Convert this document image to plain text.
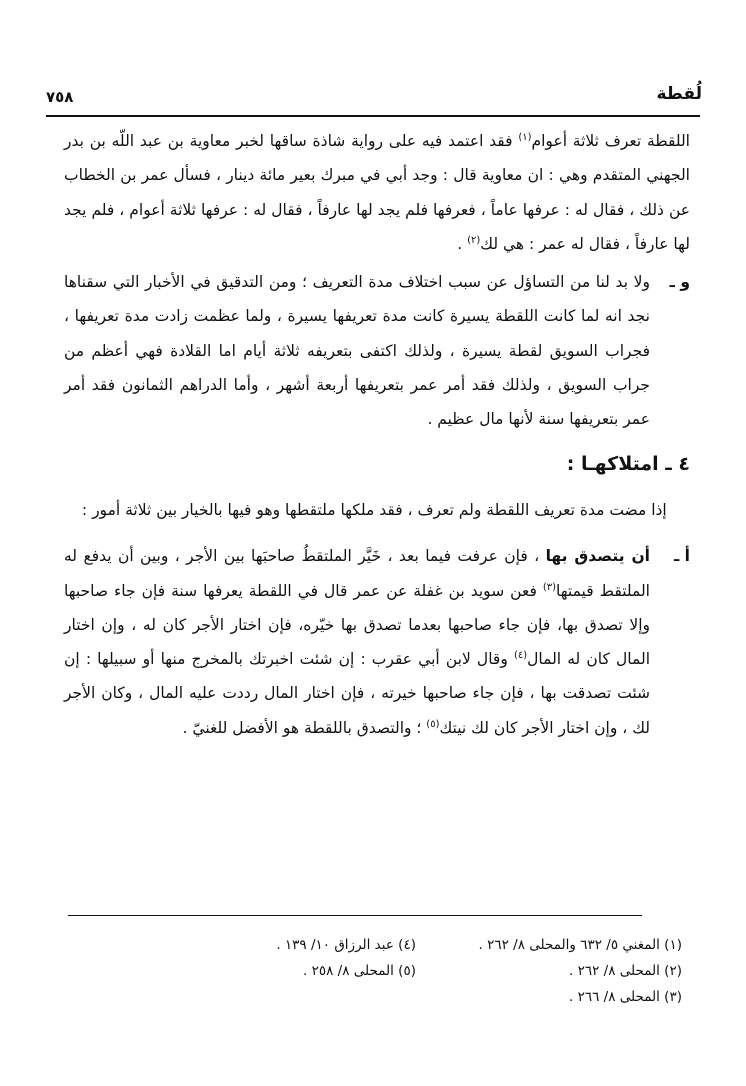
لُقطة
٧٥٨

اللقطة تعرف ثلاثة أعوام$^{(١)}$ فقد اعتمد فيه على رواية شاذة ساقها لخبر معاوية بن عبد اللّه بن بدر الجهني المتقدم وهي : ان معاوية قال : وجد أبي في مبرك بعير مائة دينار ، فسأل عمر بن الخطاب عن ذلك ، فقال له : عرفها عاماً ، فعرفها فلم يجد لها عارفاً ، فقال له : عرفها ثلاثة أعوام ، فلم يجد لها عارفاً ، فقال له عمر : هي لك$^{(٢)}$ .

و ـ
ولا بد لنا من التساؤل عن سبب اختلاف مدة التعريف ؛ ومن التدقيق في الأخبار التي سقناها نجد انه لما كانت اللقطة يسيرة كانت مدة تعريفها يسيرة ، ولما عظمت زادت مدة تعريفها ، فجراب السويق لقطة يسيرة ، ولذلك اكتفى بتعريفه ثلاثة أيام اما القلادة فهي أعظم من جراب السويق ، ولذلك فقد أمر عمر بتعريفها أربعة أشهر ، وأما الدراهم الثمانون فقد أمر عمر بتعريفها سنة لأنها مال عظيم .
٤ ـ امتلاكهـا :

إذا مضت مدة تعريف اللقطة ولم تعرف ، فقد ملكها ملتقطها وهو فيها بالخيار بين ثلاثة أمور :

أ ـ
أن يتصدق بها ، فإن عرفت فيما بعد ، خَيَّر الملتقطُ صاحبَها بين الأجر ، وبين أن يدفع له الملتقط قيمتها$^{(٣)}$ فعن سويد بن غفلة عن عمر قال في اللقطة يعرفها سنة فإن جاء صاحبها وإلا تصدق بها، فإن جاء صاحبها بعدما تصدق بها خيّره، فإن اختار الأجر كان له ، وإن اختار المال كان له المال$^{(٤)}$ وقال لابن أبي عقرب : إن شئت اخبرتك بالمخرج منها أو سبيلها : إن شئت تصدقت بها ، فإن جاء صاحبها خيرته ، فإن اختار المال رددت عليه المال ، وكان الأجر لك ، وإن اختار الأجر كان لك نيتك$^{(٥)}$ ؛ والتصدق باللقطة هو الأفضل للغنيّ .
(١) المغني ٥/ ٦٣٢ والمحلى ٨/ ٢٦٢ .
(٢) المحلى ٨/ ٢٦٢ .
(٣) المحلى ٨/ ٢٦٦ .
(٤) عبد الرزاق ١٠/ ١٣٩ .
(٥) المحلى ٨/ ٢٥٨ .
